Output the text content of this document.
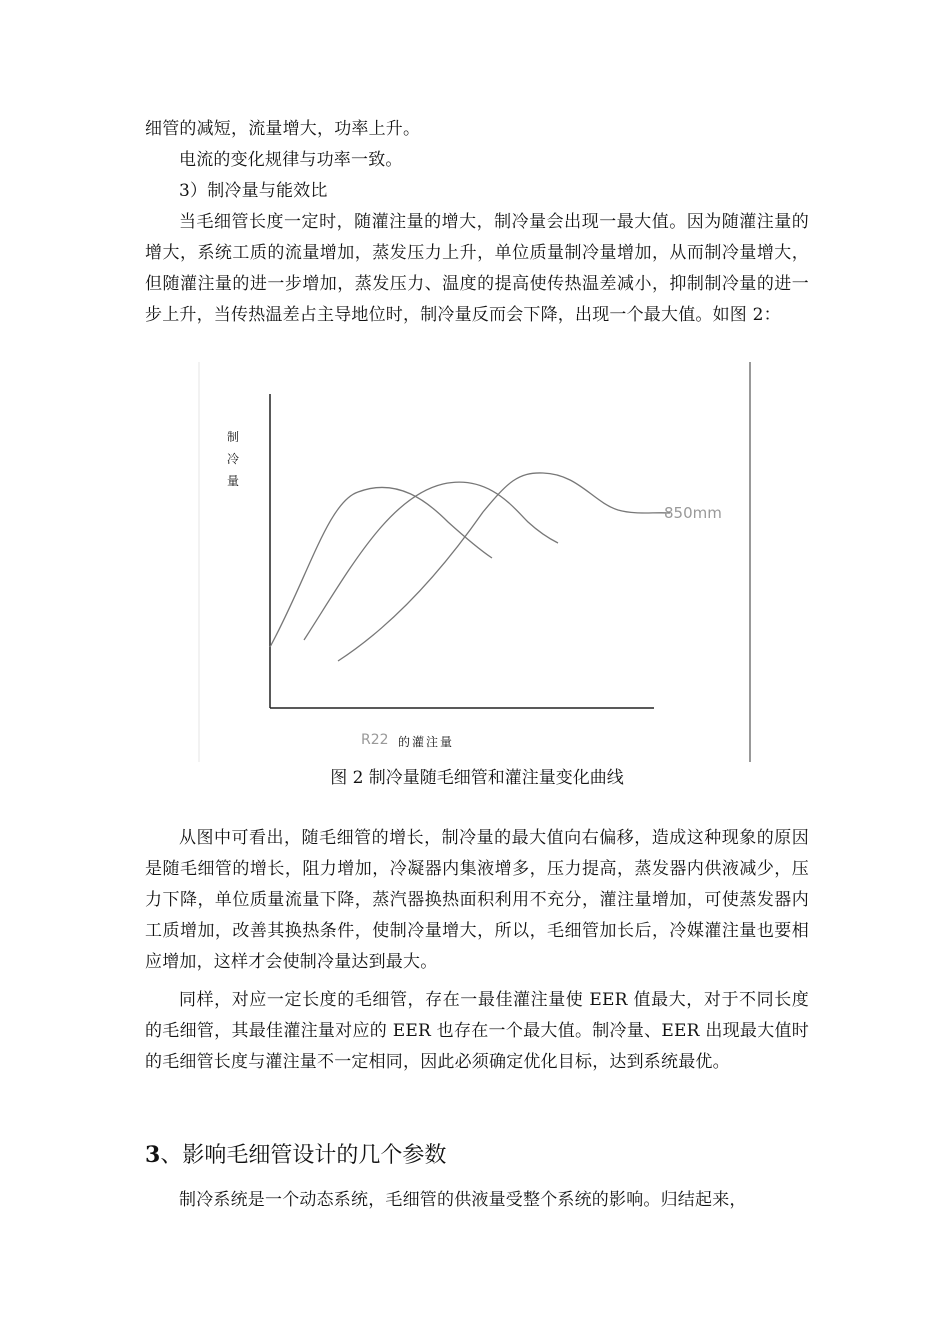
细管的减短，流量增大，功率上升。

电流的变化规律与功率一致。

3）制冷量与能效比

当毛细管长度一定时，随灌注量的增大，制冷量会出现一最大值。因为随灌注量的增大，系统工质的流量增加，蒸发压力上升，单位质量制冷量增加，从而制冷量增大，但随灌注量的进一步增加，蒸发压力、温度的提高使传热温差减小，抑制制冷量的进一步上升，当传热温差占主导地位时，制冷量反而会下降，出现一个最大值。如图 2：

制
冷
量
850mm
R22 的灌注量

图 2 制冷量随毛细管和灌注量变化曲线

从图中可看出，随毛细管的增长，制冷量的最大值向右偏移，造成这种现象的原因是随毛细管的增长，阻力增加，冷凝器内集液增多，压力提高，蒸发器内供液减少，压力下降，单位质量流量下降，蒸汽器换热面积利用不充分，灌注量增加，可使蒸发器内工质增加，改善其换热条件，使制冷量增大，所以，毛细管加长后，冷媒灌注量也要相应增加，这样才会使制冷量达到最大。

同样，对应一定长度的毛细管，存在一最佳灌注量使 EER 值最大，对于不同长度的毛细管，其最佳灌注量对应的 EER 也存在一个最大值。制冷量、EER 出现最大值时的毛细管长度与灌注量不一定相同，因此必须确定优化目标，达到系统最优。

3、影响毛细管设计的几个参数

制冷系统是一个动态系统，毛细管的供液量受整个系统的影响。归结起来，
